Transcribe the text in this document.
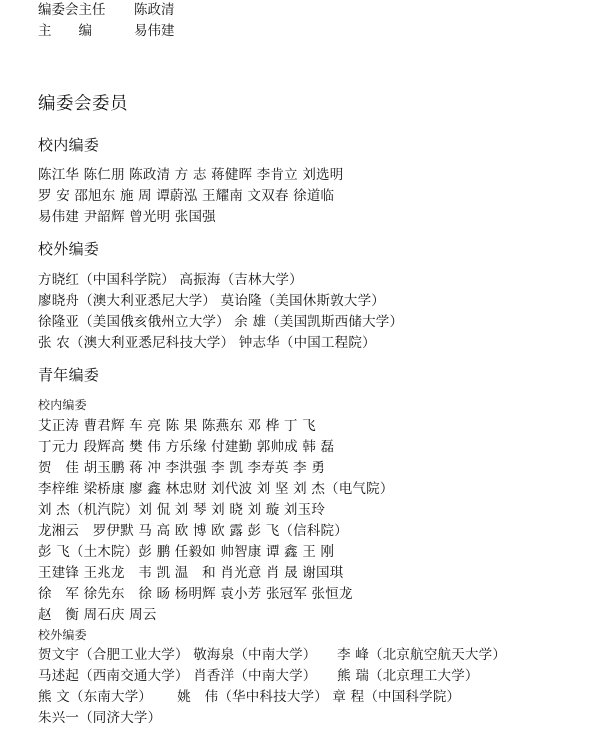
编委会主任 陈政清
主　　编	易伟建
编委会委员
校内编委
陈江华 陈仁朋 陈政清 方 志 蒋健晖 李肯立 刘选明
罗 安 邵旭东 施 周 谭蔚泓 王耀南 文双春 徐道临
易伟建 尹韶辉 曾光明 张国强
校外编委
方晓红（中国科学院） 高振海（吉林大学）
廖晓舟（澳大利亚悉尼大学） 莫诒隆（美国休斯敦大学）
徐隆亚（美国俄亥俄州立大学） 余 雄（美国凯斯西储大学）
张 农（澳大利亚悉尼科技大学） 钟志华（中国工程院）
青年编委
校内编委
艾正涛 曹君辉 车 亮 陈 果 陈燕东 邓 桦 丁 飞
丁元力 段辉高 樊 伟 方乐缘 付建勤 郭帅成 韩 磊
贺　佳 胡玉鹏 蒋 冲 李洪强 李 凯 李寿英 李 勇
李梓维 梁桥康 廖 鑫 林忠财 刘代波 刘 坚 刘 杰（电气院）
刘 杰（机汽院）刘 侃 刘 琴 刘 晓 刘 璇 刘玉玲
龙湘云　罗伊默 马 高 欧 博 欧 露 彭 飞（信科院）
彭 飞（土木院）彭 鹏 任毅如 帅智康 谭 鑫 王 刚
王建锋 王兆龙　韦 凯 温　和 肖光意 肖 晟 谢国琪
徐　军 徐先东　徐 旸 杨明辉 袁小芳 张冠军 张恒龙
赵　衡 周石庆 周云
校外编委
贺文宇（合肥工业大学） 敬海泉（中南大学）　　李 峰（北京航空航天大学）
马述起（西南交通大学） 肖香洋（中南大学）　　熊 瑞（北京理工大学）
熊 文（东南大学）　　 姚　伟（华中科技大学） 章 程（中国科学院）
朱兴一（同济大学）
